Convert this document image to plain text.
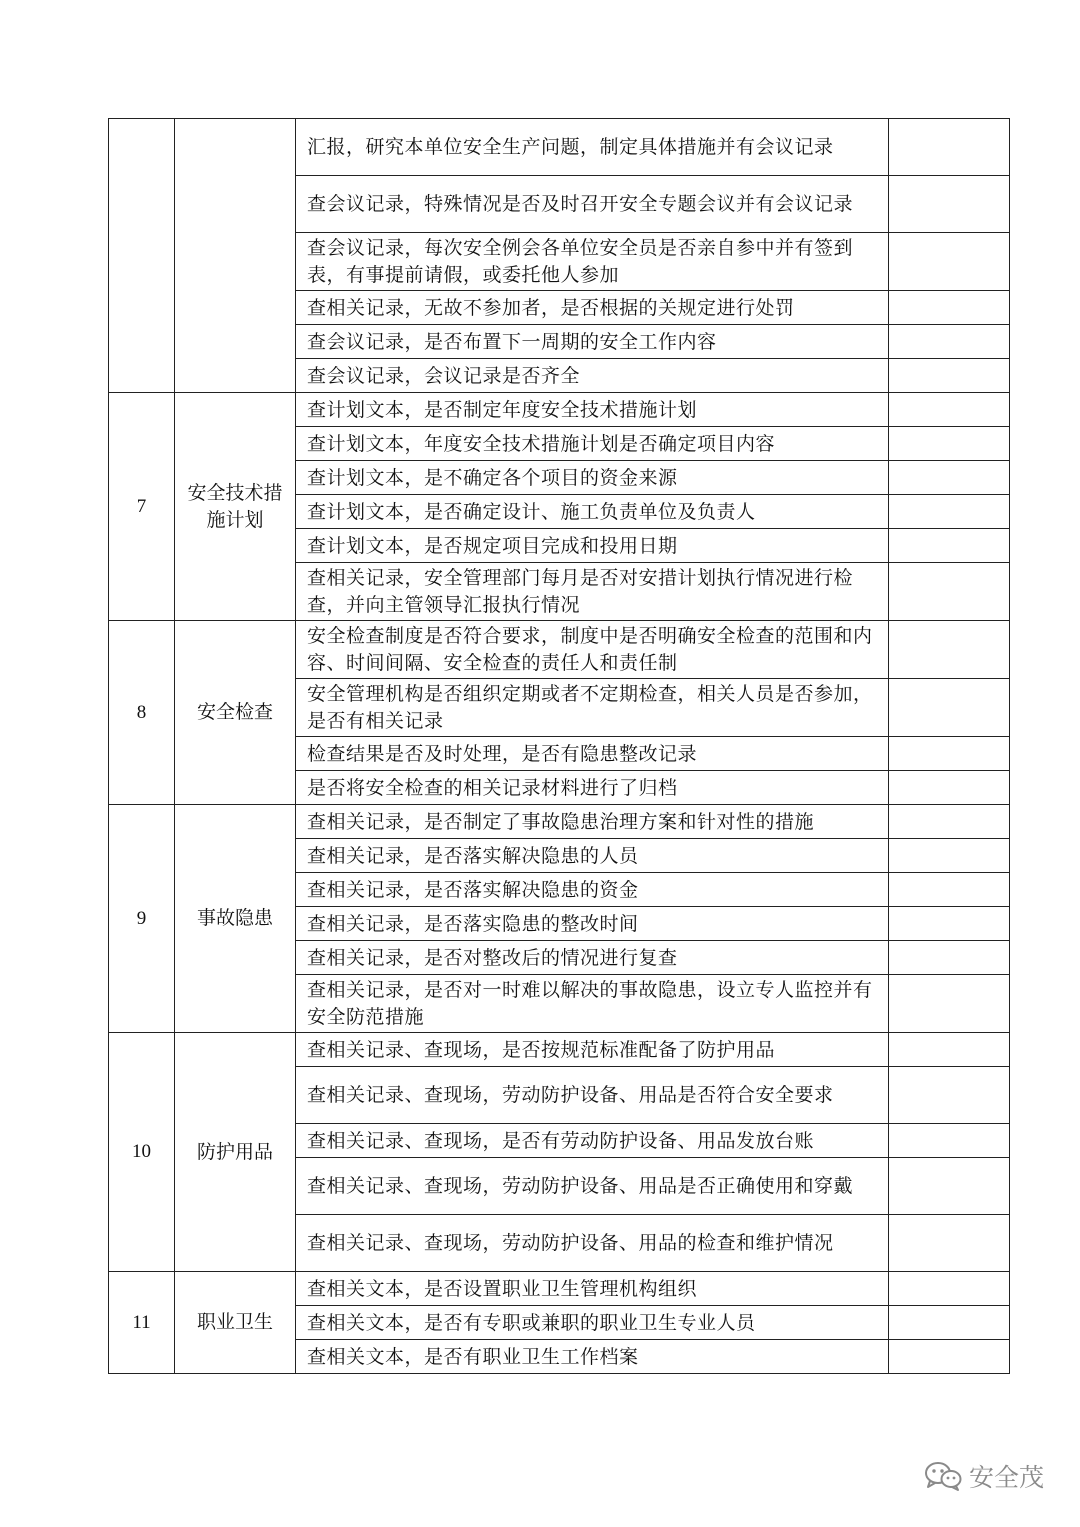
		汇报，研究本单位安全生产问题，制定具体措施并有会议记录	
		查会议记录，特殊情况是否及时召开安全专题会议并有会议记录	
		查会议记录，每次安全例会各单位安全员是否亲自参中并有签到表，有事提前请假，或委托他人参加	
		查相关记录，无故不参加者，是否根据的关规定进行处罚	
		查会议记录，是否布置下一周期的安全工作内容	
		查会议记录，会议记录是否齐全	
7	安全技术措施计划	查计划文本，是否制定年度安全技术措施计划	
		查计划文本，年度安全技术措施计划是否确定项目内容	
		查计划文本，是不确定各个项目的资金来源	
		查计划文本，是否确定设计、施工负责单位及负责人	
		查计划文本，是否规定项目完成和投用日期	
		查相关记录，安全管理部门每月是否对安措计划执行情况进行检查，并向主管领导汇报执行情况	
8	安全检查	安全检查制度是否符合要求，制度中是否明确安全检查的范围和内容、时间间隔、安全检查的责任人和责任制	
		安全管理机构是否组织定期或者不定期检查，相关人员是否参加，是否有相关记录	
		检查结果是否及时处理，是否有隐患整改记录	
		是否将安全检查的相关记录材料进行了归档	
9	事故隐患	查相关记录，是否制定了事故隐患治理方案和针对性的措施	
		查相关记录，是否落实解决隐患的人员	
		查相关记录，是否落实解决隐患的资金	
		查相关记录，是否落实隐患的整改时间	
		查相关记录，是否对整改后的情况进行复查	
		查相关记录，是否对一时难以解决的事故隐患，设立专人监控并有安全防范措施	
10	防护用品	查相关记录、查现场，是否按规范标准配备了防护用品	
		查相关记录、查现场，劳动防护设备、用品是否符合安全要求	
		查相关记录、查现场，是否有劳动防护设备、用品发放台账	
		查相关记录、查现场，劳动防护设备、用品是否正确使用和穿戴	
		查相关记录、查现场，劳动防护设备、用品的检查和维护情况	
11	职业卫生	查相关文本，是否设置职业卫生管理机构组织	
		查相关文本，是否有专职或兼职的职业卫生专业人员	
		查相关文本，是否有职业卫生工作档案	
安全茂
